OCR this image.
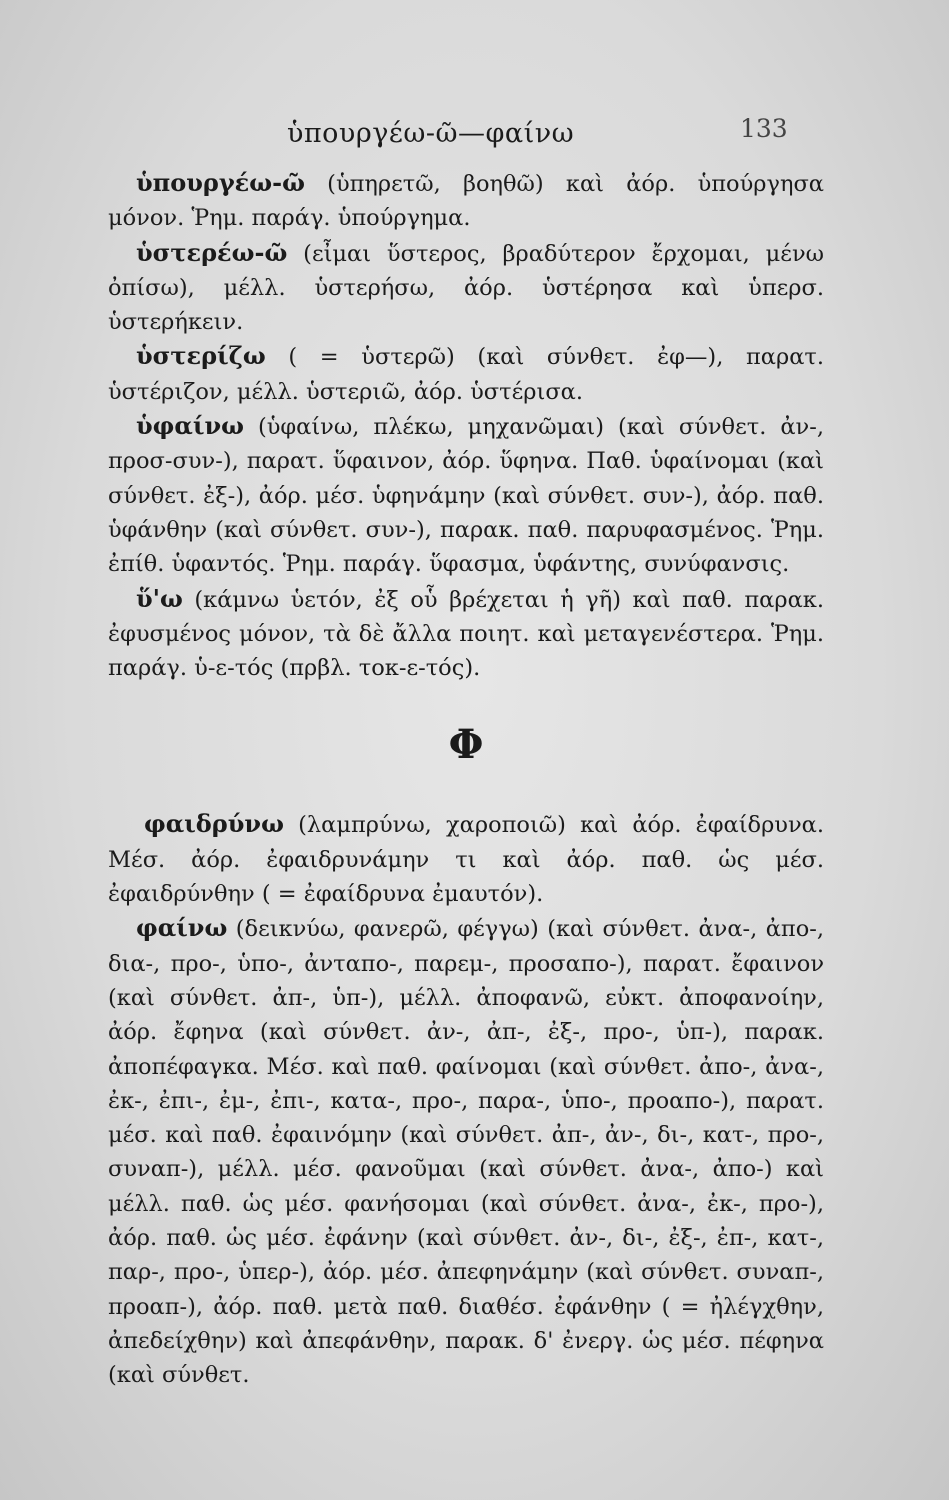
ὑπουργέω-ῶ—φαίνω	133

ὑπουργέω-ῶ (ὑπηρετῶ, βοηθῶ) καὶ ἀόρ. ὑπούργησα μόνον. Ῥημ. παράγ. ὑπούργημα.

ὑστερέω-ῶ (εἶμαι ὕστερος, βραδύτερον ἔρχομαι, μένω ὀπίσω), μέλλ. ὑστερήσω, ἀόρ. ὑστέρησα καὶ ὑπερσ. ὑστερήκειν.

ὑστερίζω ( = ὑστερῶ) (καὶ σύνθετ. ἐφ—), παρατ. ὑστέριζον, μέλλ. ὑστεριῶ, ἀόρ. ὑστέρισα.

ὑφαίνω (ὑφαίνω, πλέκω, μηχανῶμαι) (καὶ σύνθετ. ἀν-, προσ-συν-), παρατ. ὕφαινον, ἀόρ. ὕφηνα. Παθ. ὑφαίνομαι (καὶ σύνθετ. ἐξ-), ἀόρ. μέσ. ὑφηνάμην (καὶ σύνθετ. συν-), ἀόρ. παθ. ὑφάνθην (καὶ σύνθετ. συν-), παρακ. παθ. παρυφασμένος. Ῥημ. ἐπίθ. ὑφαντός. Ῥημ. παράγ. ὕφασμα, ὑφάντης, συνύφανσις.

ὕ'ω (κάμνω ὑετόν, ἐξ οὗ βρέχεται ἡ γῆ) καὶ παθ. παρακ. ἐφυσμένος μόνον, τὰ δὲ ἄλλα ποιητ. καὶ μεταγενέστερα. Ῥημ. παράγ. ὑ-ε-τός (πρβλ. τοκ-ε-τός).

Φ

φαιδρύνω (λαμπρύνω, χαροποιῶ) καὶ ἀόρ. ἐφαίδρυνα. Μέσ. ἀόρ. ἐφαιδρυνάμην τι καὶ ἀόρ. παθ. ὡς μέσ. ἐφαιδρύνθην ( = ἐφαίδρυνα ἐμαυτόν).

φαίνω (δεικνύω, φανερῶ, φέγγω) (καὶ σύνθετ. ἀνα-, ἀπο-, δια-, προ-, ὑπο-, ἀνταπο-, παρεμ-, προσαπο-), παρατ. ἔφαινον (καὶ σύνθετ. ἀπ-, ὑπ-), μέλλ. ἀποφανῶ, εὐκτ. ἀποφανοίην, ἀόρ. ἔφηνα (καὶ σύνθετ. ἀν-, ἀπ-, ἐξ-, προ-, ὑπ-), παρακ. ἀποπέφαγκα. Μέσ. καὶ παθ. φαίνομαι (καὶ σύνθετ. ἀπο-, ἀνα-, ἐκ-, ἐπι-, ἐμ-, ἐπι-, κατα-, προ-, παρα-, ὑπο-, προαπο-), παρατ. μέσ. καὶ παθ. ἐφαινόμην (καὶ σύνθετ. ἀπ-, ἀν-, δι-, κατ-, προ-, συναπ-), μέλλ. μέσ. φανοῦμαι (καὶ σύνθετ. ἀνα-, ἀπο-) καὶ μέλλ. παθ. ὡς μέσ. φανήσομαι (καὶ σύνθετ. ἀνα-, ἐκ-, προ-), ἀόρ. παθ. ὡς μέσ. ἐφάνην (καὶ σύνθετ. ἀν-, δι-, ἐξ-, ἐπ-, κατ-, παρ-, προ-, ὑπερ-), ἀόρ. μέσ. ἀπεφηνάμην (καὶ σύνθετ. συναπ-, προαπ-), ἀόρ. παθ. μετὰ παθ. διαθέσ. ἐφάνθην ( = ἠλέγχθην, ἀπεδείχθην) καὶ ἀπεφάνθην, παρακ. δ' ἐνεργ. ὡς μέσ. πέφηνα (καὶ σύνθετ.
